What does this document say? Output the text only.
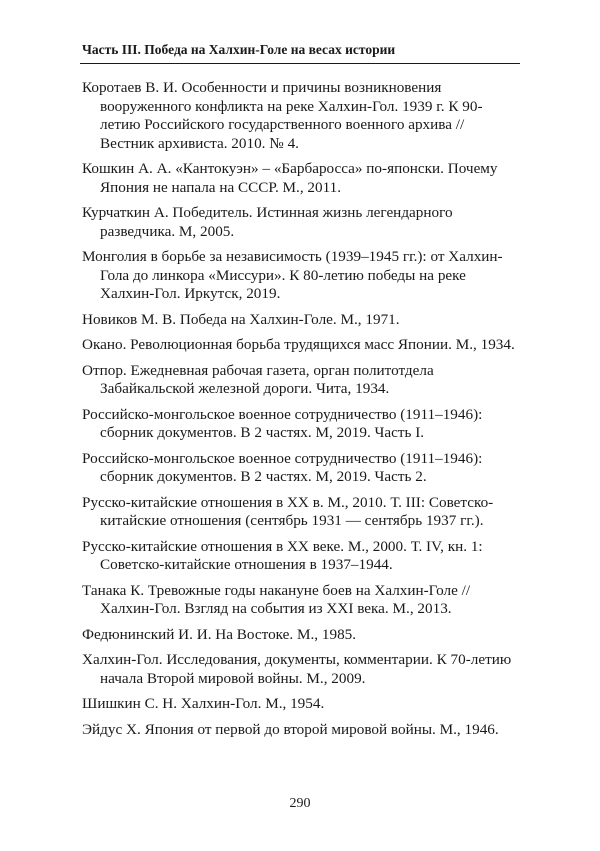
Часть III. Победа на Халхин-Голе на весах истории
Коротаев В. И. Особенности и причины возникновения вооруженного конфликта на реке Халхин-Гол. 1939 г. К 90-летию Российского государственного военного архива // Вестник архивиста. 2010. № 4.
Кошкин А. А. «Кантокуэн» – «Барбаросса» по-японски. Почему Япония не напала на СССР. М., 2011.
Курчаткин А. Победитель. Истинная жизнь легендарного разведчика. М, 2005.
Монголия в борьбе за независимость (1939–1945 гг.): от Халхин-Гола до линкора «Миссури». К 80-летию победы на реке Халхин-Гол. Иркутск, 2019.
Новиков М. В. Победа на Халхин-Голе. М., 1971.
Окано. Революционная борьба трудящихся масс Японии. М., 1934.
Отпор. Ежедневная рабочая газета, орган политотдела Забайкальской железной дороги. Чита, 1934.
Российско-монгольское военное сотрудничество (1911–1946): сборник документов. В 2 частях. М, 2019. Часть I.
Российско-монгольское военное сотрудничество (1911–1946): сборник документов. В 2 частях. М, 2019. Часть 2.
Русско-китайские отношения в XX в. М., 2010. Т. III: Советско-китайские отношения (сентябрь 1931 — сентябрь 1937 гг.).
Русско-китайские отношения в XX веке. М., 2000. Т. IV, кн. 1: Советско-китайские отношения в 1937–1944.
Танака К. Тревожные годы накануне боев на Халхин-Голе // Халхин-Гол. Взгляд на события из XXI века. М., 2013.
Федюнинский И. И. На Востоке. М., 1985.
Халхин-Гол. Исследования, документы, комментарии. К 70-летию начала Второй мировой войны. М., 2009.
Шишкин С. Н. Халхин-Гол. М., 1954.
Эйдус Х. Япония от первой до второй мировой войны. М., 1946.
290
